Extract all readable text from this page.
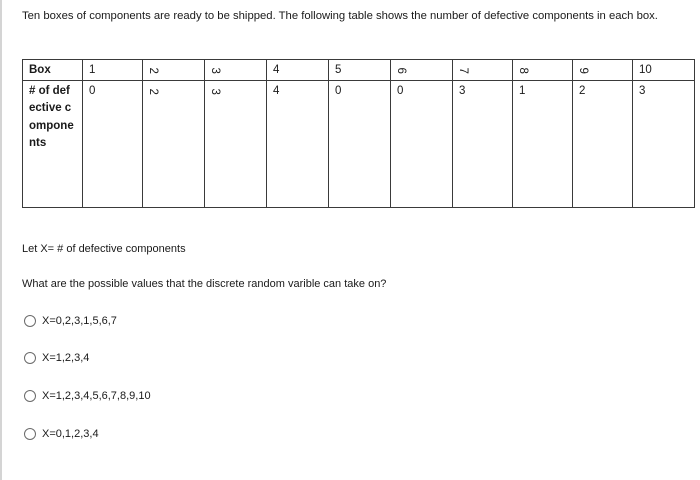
Ten boxes of components are ready to be shipped. The following table shows the number of defective components in each box.
Box	1	2	3	4	5	6	7	8	9	10
# of defective components	0	2	3	4	0	0	3	1	2	3
Let X= # of defective components
What are the possible values that the discrete random varible can take on?
X=0,2,3,1,5,6,7
X=1,2,3,4
X=1,2,3,4,5,6,7,8,9,10
X=0,1,2,3,4
